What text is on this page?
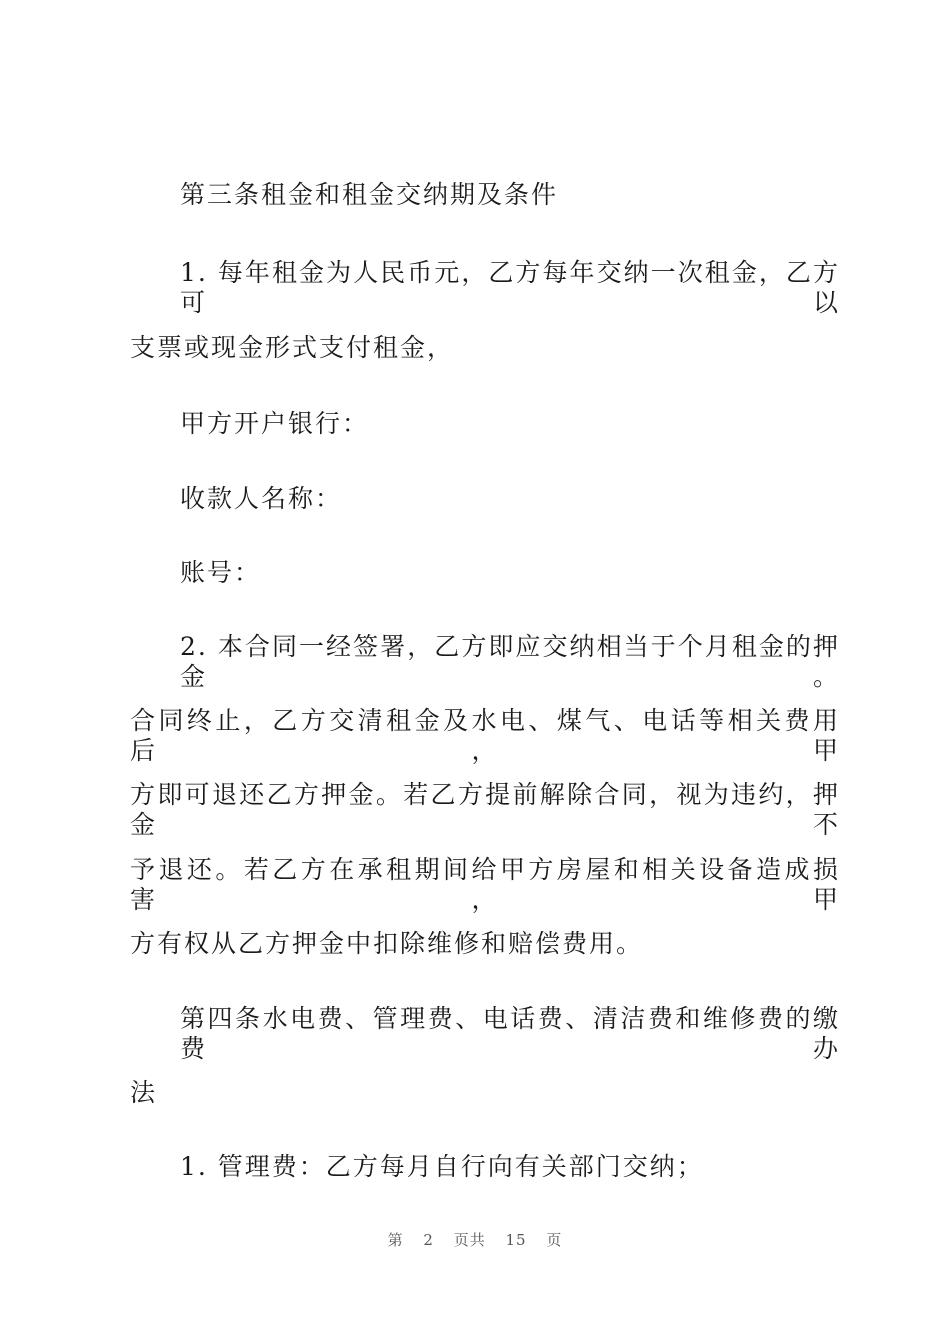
第三条租金和租金交纳期及条件
1. 每年租金为人民币元，乙方每年交纳一次租金，乙方可以
支票或现金形式支付租金，
甲方开户银行：
收款人名称：
账号：
2. 本合同一经签署，乙方即应交纳相当于个月租金的押金。
合同终止，乙方交清租金及水电、煤气、电话等相关费用后，甲
方即可退还乙方押金。若乙方提前解除合同，视为违约，押金不
予退还。若乙方在承租期间给甲方房屋和相关设备造成损害，甲
方有权从乙方押金中扣除维修和赔偿费用。
第四条水电费、管理费、电话费、清洁费和维修费的缴费办
法
1. 管理费：乙方每月自行向有关部门交纳；
第 2 页共 15 页
